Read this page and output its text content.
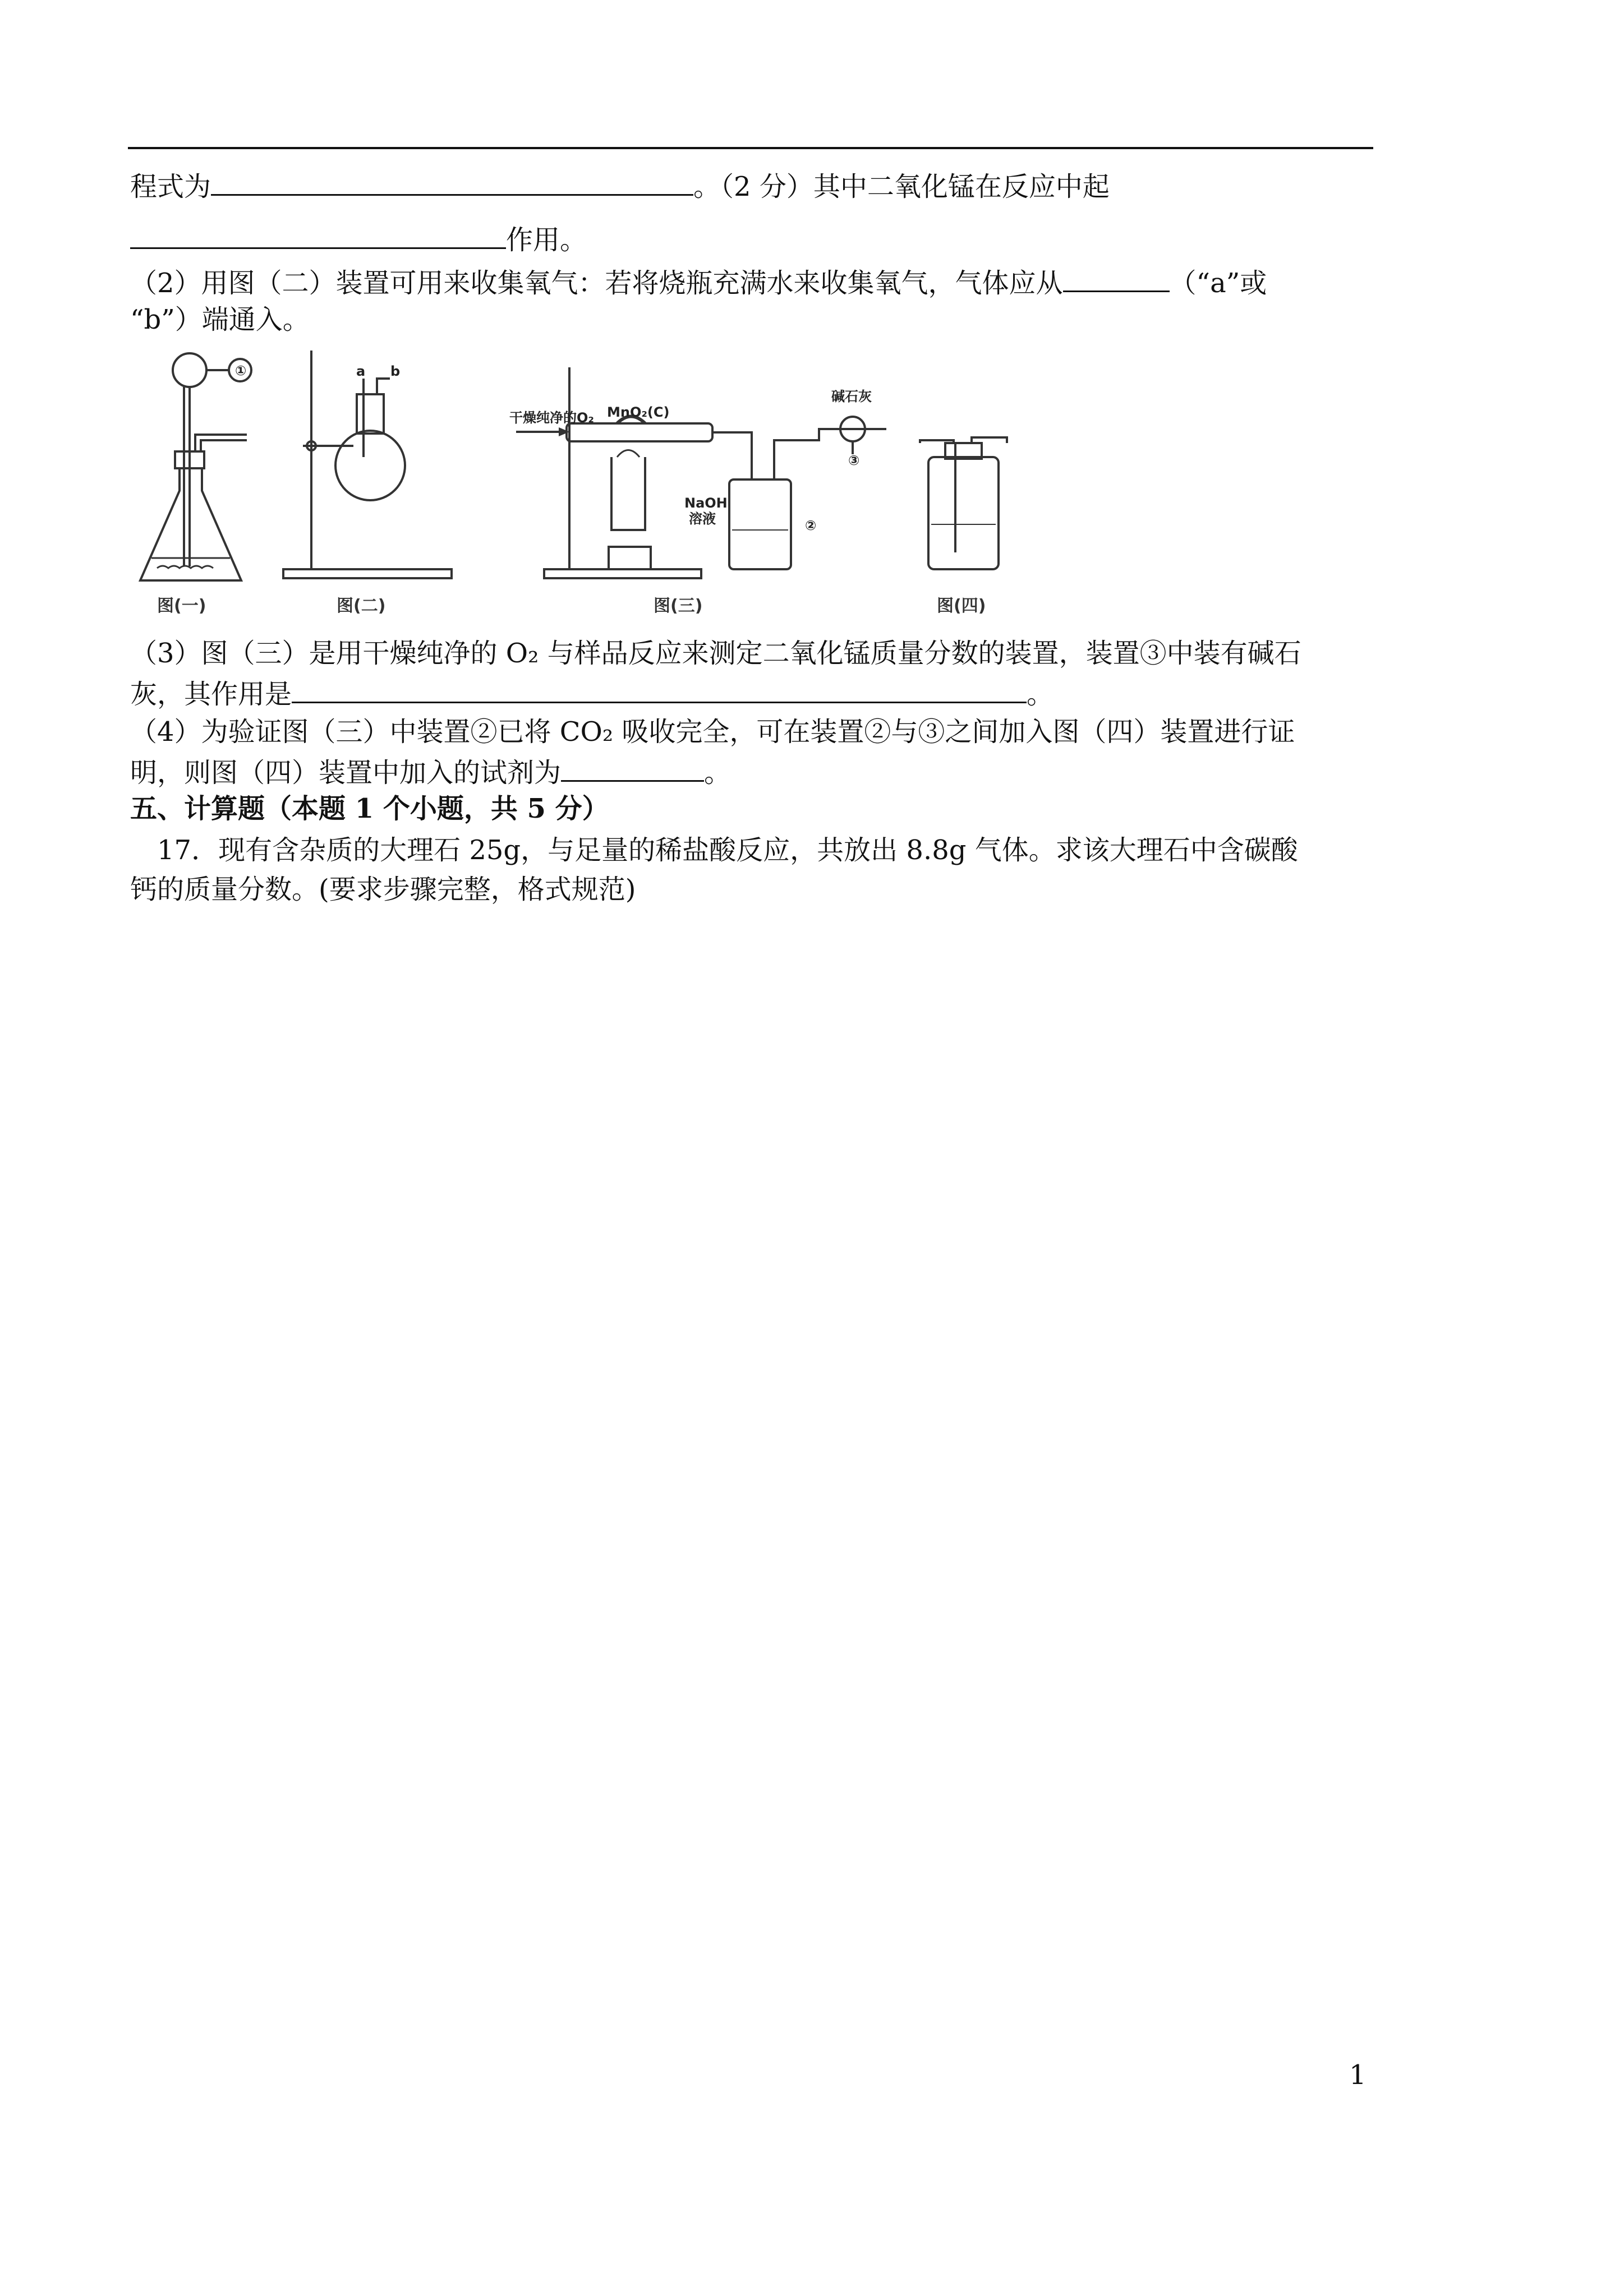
程式为	。（2 分）其中二氧化锰在反应中起
作用。
（2）用图（二）装置可用来收集氧气：若将烧瓶充满水来收集氧气，气体应从	（“a”或
“b”）端通入。
①
图(一)
a b
图(二)
干燥纯净的O₂ MnO₂(C)
NaOH
溶液
碱石灰
②
③
图(三)	图(四)
（3）图（三）是用干燥纯净的 O₂ 与样品反应来测定二氧化锰质量分数的装置，装置③中装有碱石
灰，其作用是	。
（4）为验证图（三）中装置②已将 CO₂ 吸收完全，可在装置②与③之间加入图（四）装置进行证
明，则图（四）装置中加入的试剂为	。
五、计算题（本题 1 个小题，共 5 分）
17．现有含杂质的大理石 25g，与足量的稀盐酸反应，共放出 8.8g 气体。求该大理石中含碳酸
钙的质量分数。(要求步骤完整，格式规范)
1
